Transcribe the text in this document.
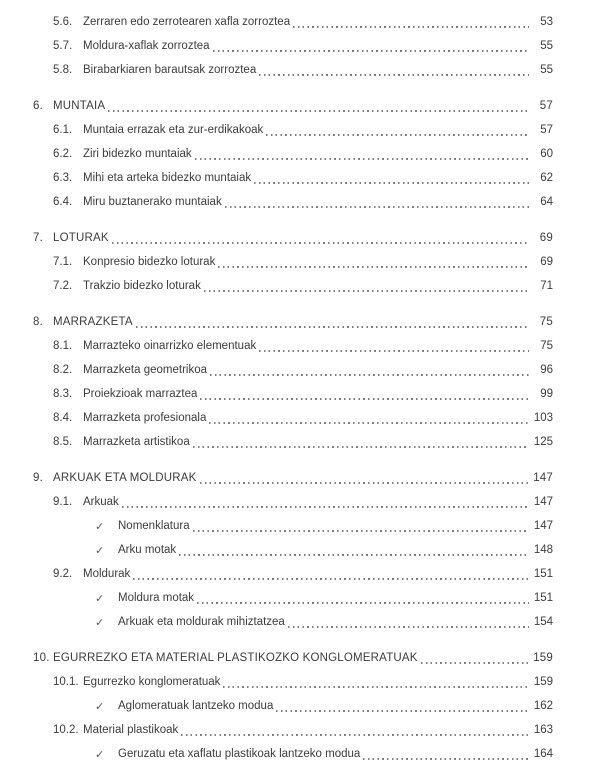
5.6. Zerraren edo zerrotearen xafla zorroztea	53
5.7. Moldura-xaflak zorroztea	55
5.8. Birabarkiaren barautsak zorroztea	55
6. MUNTAIA	57
6.1. Muntaia errazak eta zur-erdikakoak	57
6.2. Ziri bidezko muntaiak	60
6.3. Mihi eta arteka bidezko muntaiak	62
6.4. Miru buztanerako muntaiak	64
7. LOTURAK	69
7.1. Konpresio bidezko loturak	69
7.2. Trakzio bidezko loturak	71
8. MARRAZKETA	75
8.1. Marrazteko oinarrizko elementuak	75
8.2. Marrazketa geometrikoa	96
8.3. Proiekzioak marraztea	99
8.4. Marrazketa profesionala	103
8.5. Marrazketa artistikoa	125
9. ARKUAK ETA MOLDURAK	147
9.1. Arkuak	147
✓	Nomenklatura	147
✓	Arku motak	148
9.2. Moldurak	151
✓	Moldura motak	151
✓	Arkuak eta moldurak mihiztatzea	154
10. EGURREZKO ETA MATERIAL PLASTIKOZKO KONGLOMERATUAK	159
10.1. Egurrezko konglomeratuak	159
✓	Aglomeratuak lantzeko modua	162
10.2. Material plastikoak	163
✓	Geruzatu eta xaflatu plastikoak lantzeko modua	164
